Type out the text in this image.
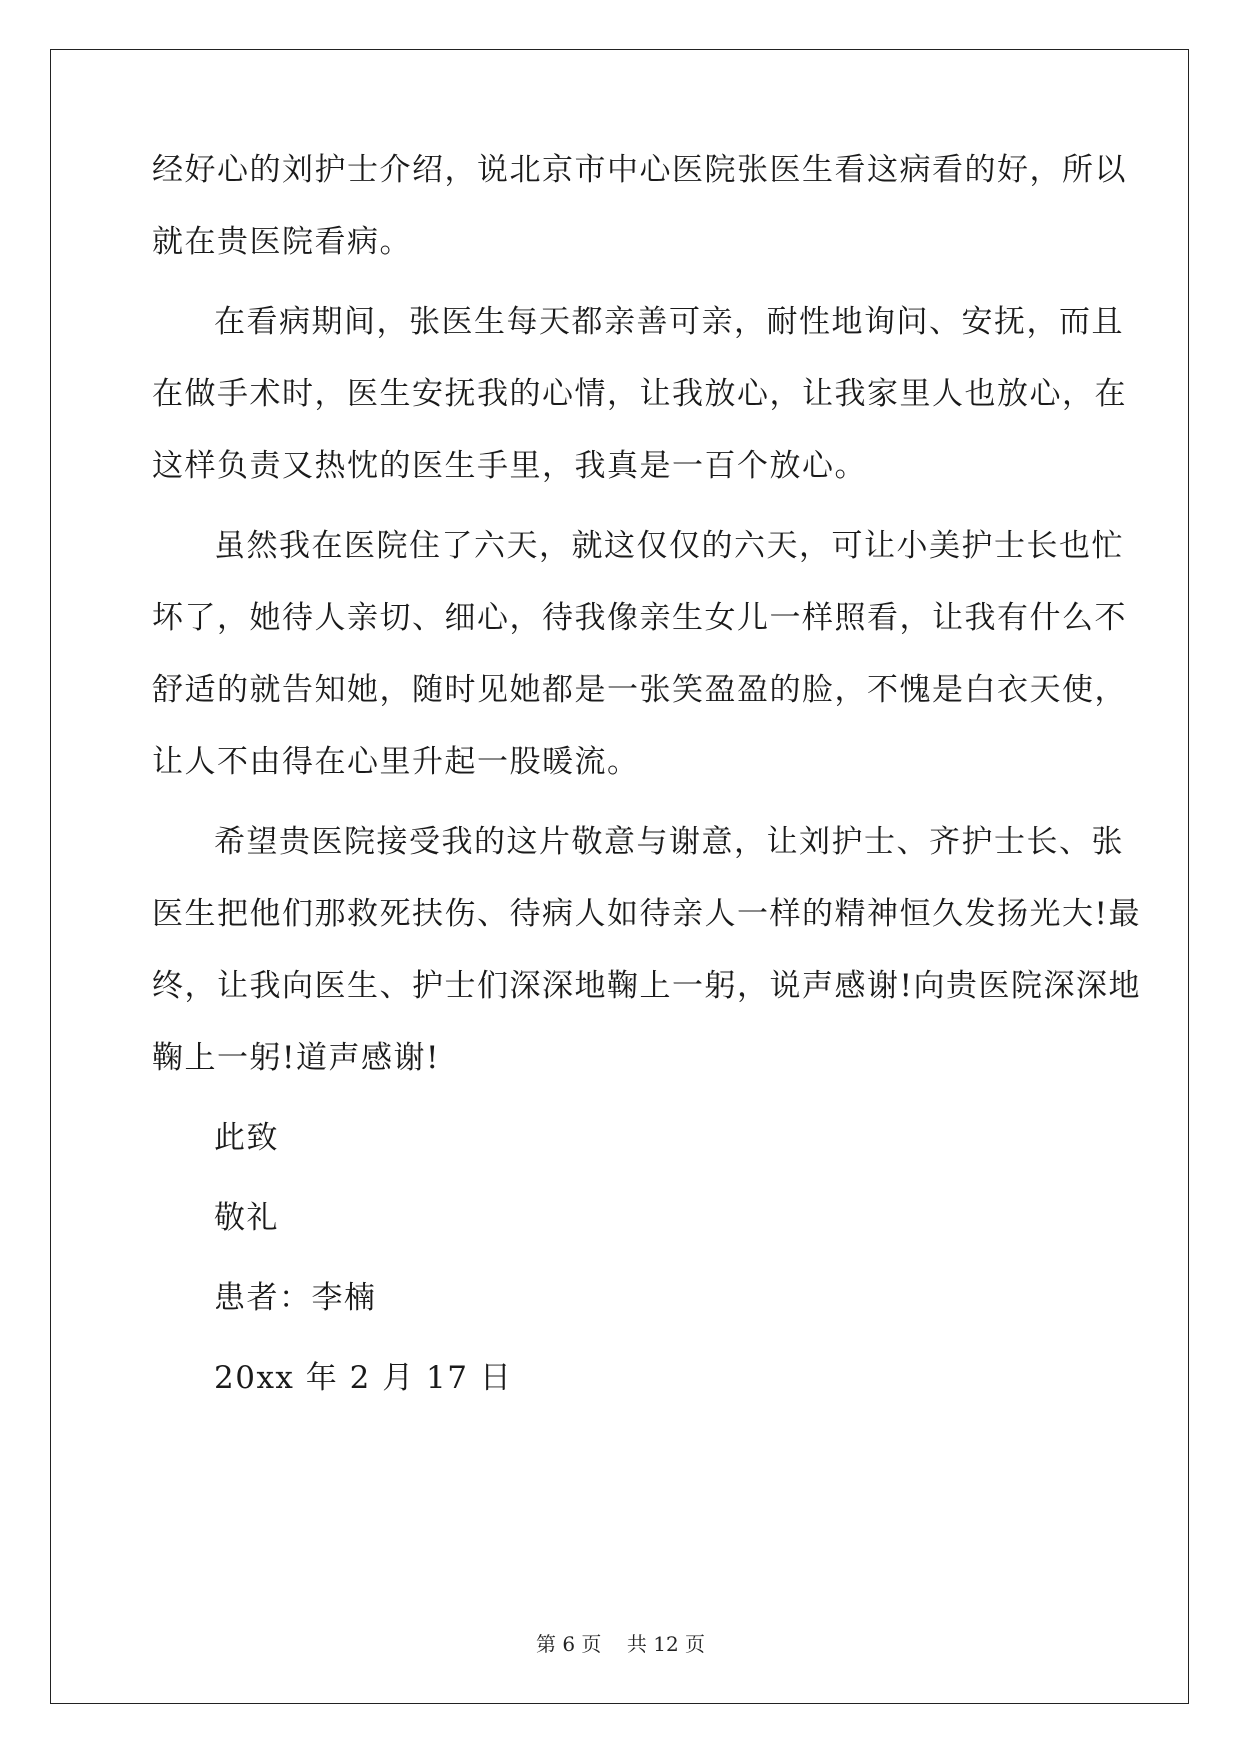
经好心的刘护士介绍，说北京市中心医院张医生看这病看的好，所以
就在贵医院看病。
在看病期间，张医生每天都亲善可亲，耐性地询问、安抚，而且
在做手术时，医生安抚我的心情，让我放心，让我家里人也放心，在
这样负责又热忱的医生手里，我真是一百个放心。
虽然我在医院住了六天，就这仅仅的六天，可让小美护士长也忙
坏了，她待人亲切、细心，待我像亲生女儿一样照看，让我有什么不
舒适的就告知她，随时见她都是一张笑盈盈的脸，不愧是白衣天使，
让人不由得在心里升起一股暖流。
希望贵医院接受我的这片敬意与谢意，让刘护士、齐护士长、张
医生把他们那救死扶伤、待病人如待亲人一样的精神恒久发扬光大!最
终，让我向医生、护士们深深地鞠上一躬，说声感谢!向贵医院深深地
鞠上一躬!道声感谢!
此致
敬礼
患者：李楠
20xx 年 2 月 17 日
第 6 页 共 12 页
